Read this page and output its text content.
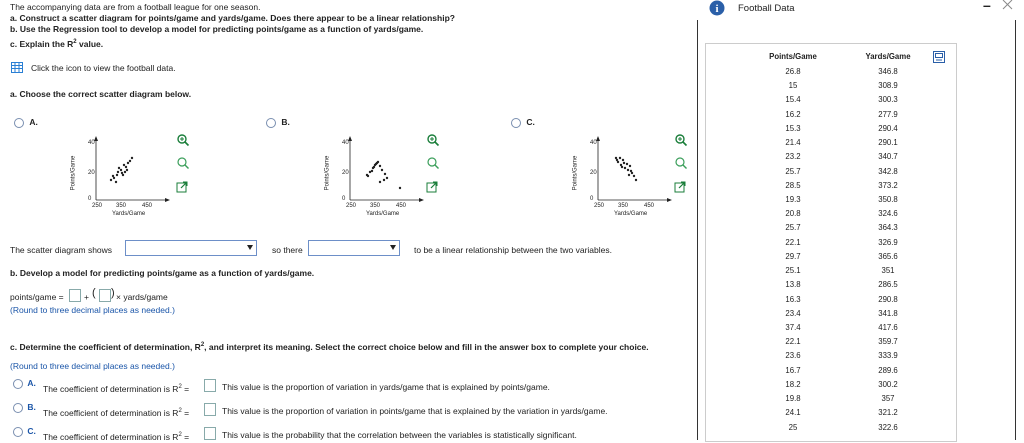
The accompanying data are from a football league for one season.
a. Construct a scatter diagram for points/game and yards/game. Does there appear to be a linear relationship?
b. Use the Regression tool to develop a model for predicting points/game as a function of yards/game.
c. Explain the $R^2$ value.
Click the icon to view the football data.
a. Choose the correct scatter diagram below.
A.	B.	C.
40
20
0
250 350	450
Yards/Game
Points/Game
40
20
0
250 350	450
Yards/Game
Points/Game
40
20
0
250 350	450
Yards/Game
Points/Game
The scatter diagram shows	so there	to be a linear relationship between the two variables.
b. Develop a model for predicting points/game as a function of yards/game.
points/game = + ( ) × yards/game
(Round to three decimal places as needed.)
c. Determine the coefficient of determination, $R^2$, and interpret its meaning. Select the correct choice below and fill in the answer box to complete your choice.
(Round to three decimal places as needed.)
A.
The coefficient of determination is $R^2$ =	This value is the proportion of variation in yards/game that is explained by points/game.
B.
The coefficient of determination is $R^2$ =	This value is the proportion of variation in points/game that is explained by the variation in yards/game.
C.
The coefficient of determination is $R^2$ =	This value is the probability that the correlation between the variables is statistically significant.
i Football Data	–
Points/Game	Yards/Game
26.8	346.8
15	308.9
15.4	300.3
16.2	277.9
15.3	290.4
21.4	290.1
23.2	340.7
25.7	342.8
28.5	373.2
19.3	350.8
20.8	324.6
25.7	364.3
22.1	326.9
29.7	365.6
25.1	351
13.8	286.5
16.3	290.8
23.4	341.8
37.4	417.6
22.1	359.7
23.6	333.9
16.7	289.6
18.2	300.2
19.8	357
24.1	321.2
25	322.6
